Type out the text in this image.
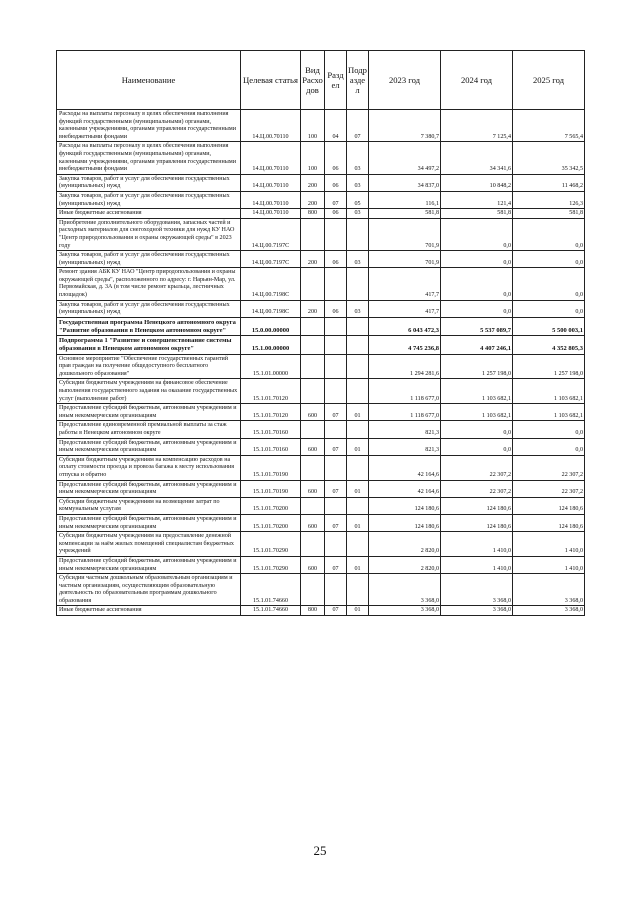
Наименование	Целевая статья	Вид Расхо дов	Разд ел	Подр азде л	2023 год	2024 год	2025 год
Расходы на выплаты персоналу в целях обеспечения выполнения функций государственными (муниципальными) органами, казенными учреждениями, органами управления государственными внебюджетными фондами	14.Ц.00.70110	100	04	07	7 380,7	7 125,4	7 565,4
Расходы на выплаты персоналу в целях обеспечения выполнения функций государственными (муниципальными) органами, казенными учреждениями, органами управления государственными внебюджетными фондами	14.Ц.00.70110	100	06	03	34 497,2	34 341,6	35 342,5
Закупка товаров, работ и услуг для обеспечения государственных (муниципальных) нужд	14.Ц.00.70110	200	06	03	34 837,0	10 848,2	11 468,2
Закупка товаров, работ и услуг для обеспечения государственных (муниципальных) нужд	14.Ц.00.70110	200	07	05	116,1	121,4	126,3
Иные бюджетные ассигнования	14.Ц.00.70110	800	06	03	581,8	581,8	581,8
Приобретение дополнительного оборудования, запасных частей и расходных материалов для снегоходной техники для нужд КУ НАО "Центр природопользования и охраны окружающей среды" в 2023 году	14.Ц.00.7197С				701,9	0,0	0,0
Закупка товаров, работ и услуг для обеспечения государственных (муниципальных) нужд	14.Ц.00.7197С	200	06	03	701,9	0,0	0,0
Ремонт здания АБК КУ НАО "Центр природопользования и охраны окружающей среды", расположенного по адресу: г. Нарьян-Мар, ул. Первомайская, д. 3А (в том числе ремонт крыльца, лестничных площадок)	14.Ц.00.7198С				417,7	0,0	0,0
Закупка товаров, работ и услуг для обеспечения государственных (муниципальных) нужд	14.Ц.00.7198С	200	06	03	417,7	0,0	0,0
Государственная программа Ненецкого автономного округа "Развитие образования в Ненецком автономном округе"	15.0.00.00000				6 043 472,3	5 537 089,7	5 500 003,1
Подпрограмма 1 "Развитие и совершенствование системы образования в Ненецком автономном округе"	15.1.00.00000				4 745 236,8	4 407 246,1	4 352 805,3
Основное мероприятие "Обеспечение государственных гарантий прав граждан на получение общедоступного бесплатного дошкольного образования"	15.1.01.00000				1 294 281,6	1 257 198,0	1 257 198,0
Субсидии бюджетным учреждениям на финансовое обеспечение выполнения государственного задания на оказание государственных услуг (выполнение работ)	15.1.01.70120				1 118 677,0	1 103 682,1	1 103 682,1
Предоставление субсидий бюджетным, автономным учреждениям и иным некоммерческим организациям	15.1.01.70120	600	07	01	1 118 677,0	1 103 682,1	1 103 682,1
Предоставление единовременной премиальной выплаты за стаж работы в Ненецком автономном округе	15.1.01.70160				821,3	0,0	0,0
Предоставление субсидий бюджетным, автономным учреждениям и иным некоммерческим организациям	15.1.01.70160	600	07	01	821,3	0,0	0,0
Субсидии бюджетным учреждениям на компенсацию расходов на оплату стоимости проезда и провоза багажа к месту использования отпуска и обратно	15.1.01.70190				42 164,6	22 307,2	22 307,2
Предоставление субсидий бюджетным, автономным учреждениям и иным некоммерческим организациям	15.1.01.70190	600	07	01	42 164,6	22 307,2	22 307,2
Субсидии бюджетным учреждениям на возмещение затрат по коммунальным услугам	15.1.01.70200				124 180,6	124 180,6	124 180,6
Предоставление субсидий бюджетным, автономным учреждениям и иным некоммерческим организациям	15.1.01.70200	600	07	01	124 180,6	124 180,6	124 180,6
Субсидии бюджетным учреждениям на предоставление денежной компенсации за наём жилых помещений специалистам бюджетных учреждений	15.1.01.70290				2 820,0	1 410,0	1 410,0
Предоставление субсидий бюджетным, автономным учреждениям и иным некоммерческим организациям	15.1.01.70290	600	07	01	2 820,0	1 410,0	1 410,0
Субсидии частным дошкольным образовательным организациям и частным организациям, осуществляющим образовательную деятельность по образовательным программам дошкольного образования	15.1.01.74660				3 368,0	3 368,0	3 368,0
Иные бюджетные ассигнования	15.1.01.74660	800	07	01	3 368,0	3 368,0	3 368,0
25
